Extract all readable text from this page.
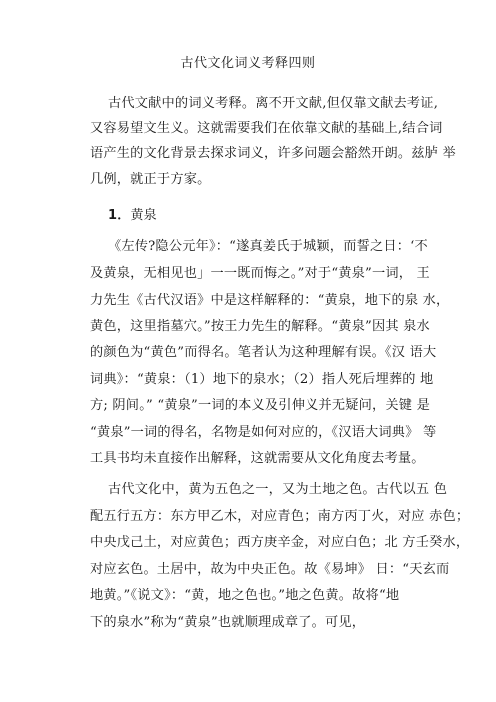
古代文化词义考释四则
古代文献中的词义考释。离不开文献,但仅靠文献去考证,
又容易望文生义。这就需要我们在依靠文献的基础上,结合词
语产生的文化背景去探求词义，许多问题会豁然开朗。兹胪 举
几例，就正于方家。
1．黄泉
《左传?隐公元年》：“遂真姜氏于城颖，而誓之日：‘不
及黄泉，无相见也」一一既而悔之。”对于“黄泉”一词， 王
力先生《古代汉语》中是这样解释的：“黄泉，地下的泉 水，
黄色，这里指墓穴。”按王力先生的解释。“黄泉”因其 泉水
的颜色为“黄色”而得名。笔者认为这种理解有误。《汉 语大
词典》：“黄泉：（1）地下的泉水；（2）指人死后埋葬的 地
方; 阴间。” “黄泉”一词的本义及引伸义并无疑问，关键 是
“黄泉”一词的得名，名物是如何对应的，《汉语大词典》 等
工具书均未直接作出解释，这就需要从文化角度去考量。
古代文化中，黄为五色之一，又为土地之色。古代以五 色
配五行五方：东方甲乙木，对应青色；南方丙丁火，对应 赤色；
中央戊己土，对应黄色；西方庚辛金，对应白色；北 方壬癸水，
对应玄色。土居中，故为中央正色。故《易坤》 日：“天玄而
地黄。”《说文》：“黄，地之色也。”地之色黄。故将“地
下的泉水”称为“黄泉”也就顺理成章了。可见，
